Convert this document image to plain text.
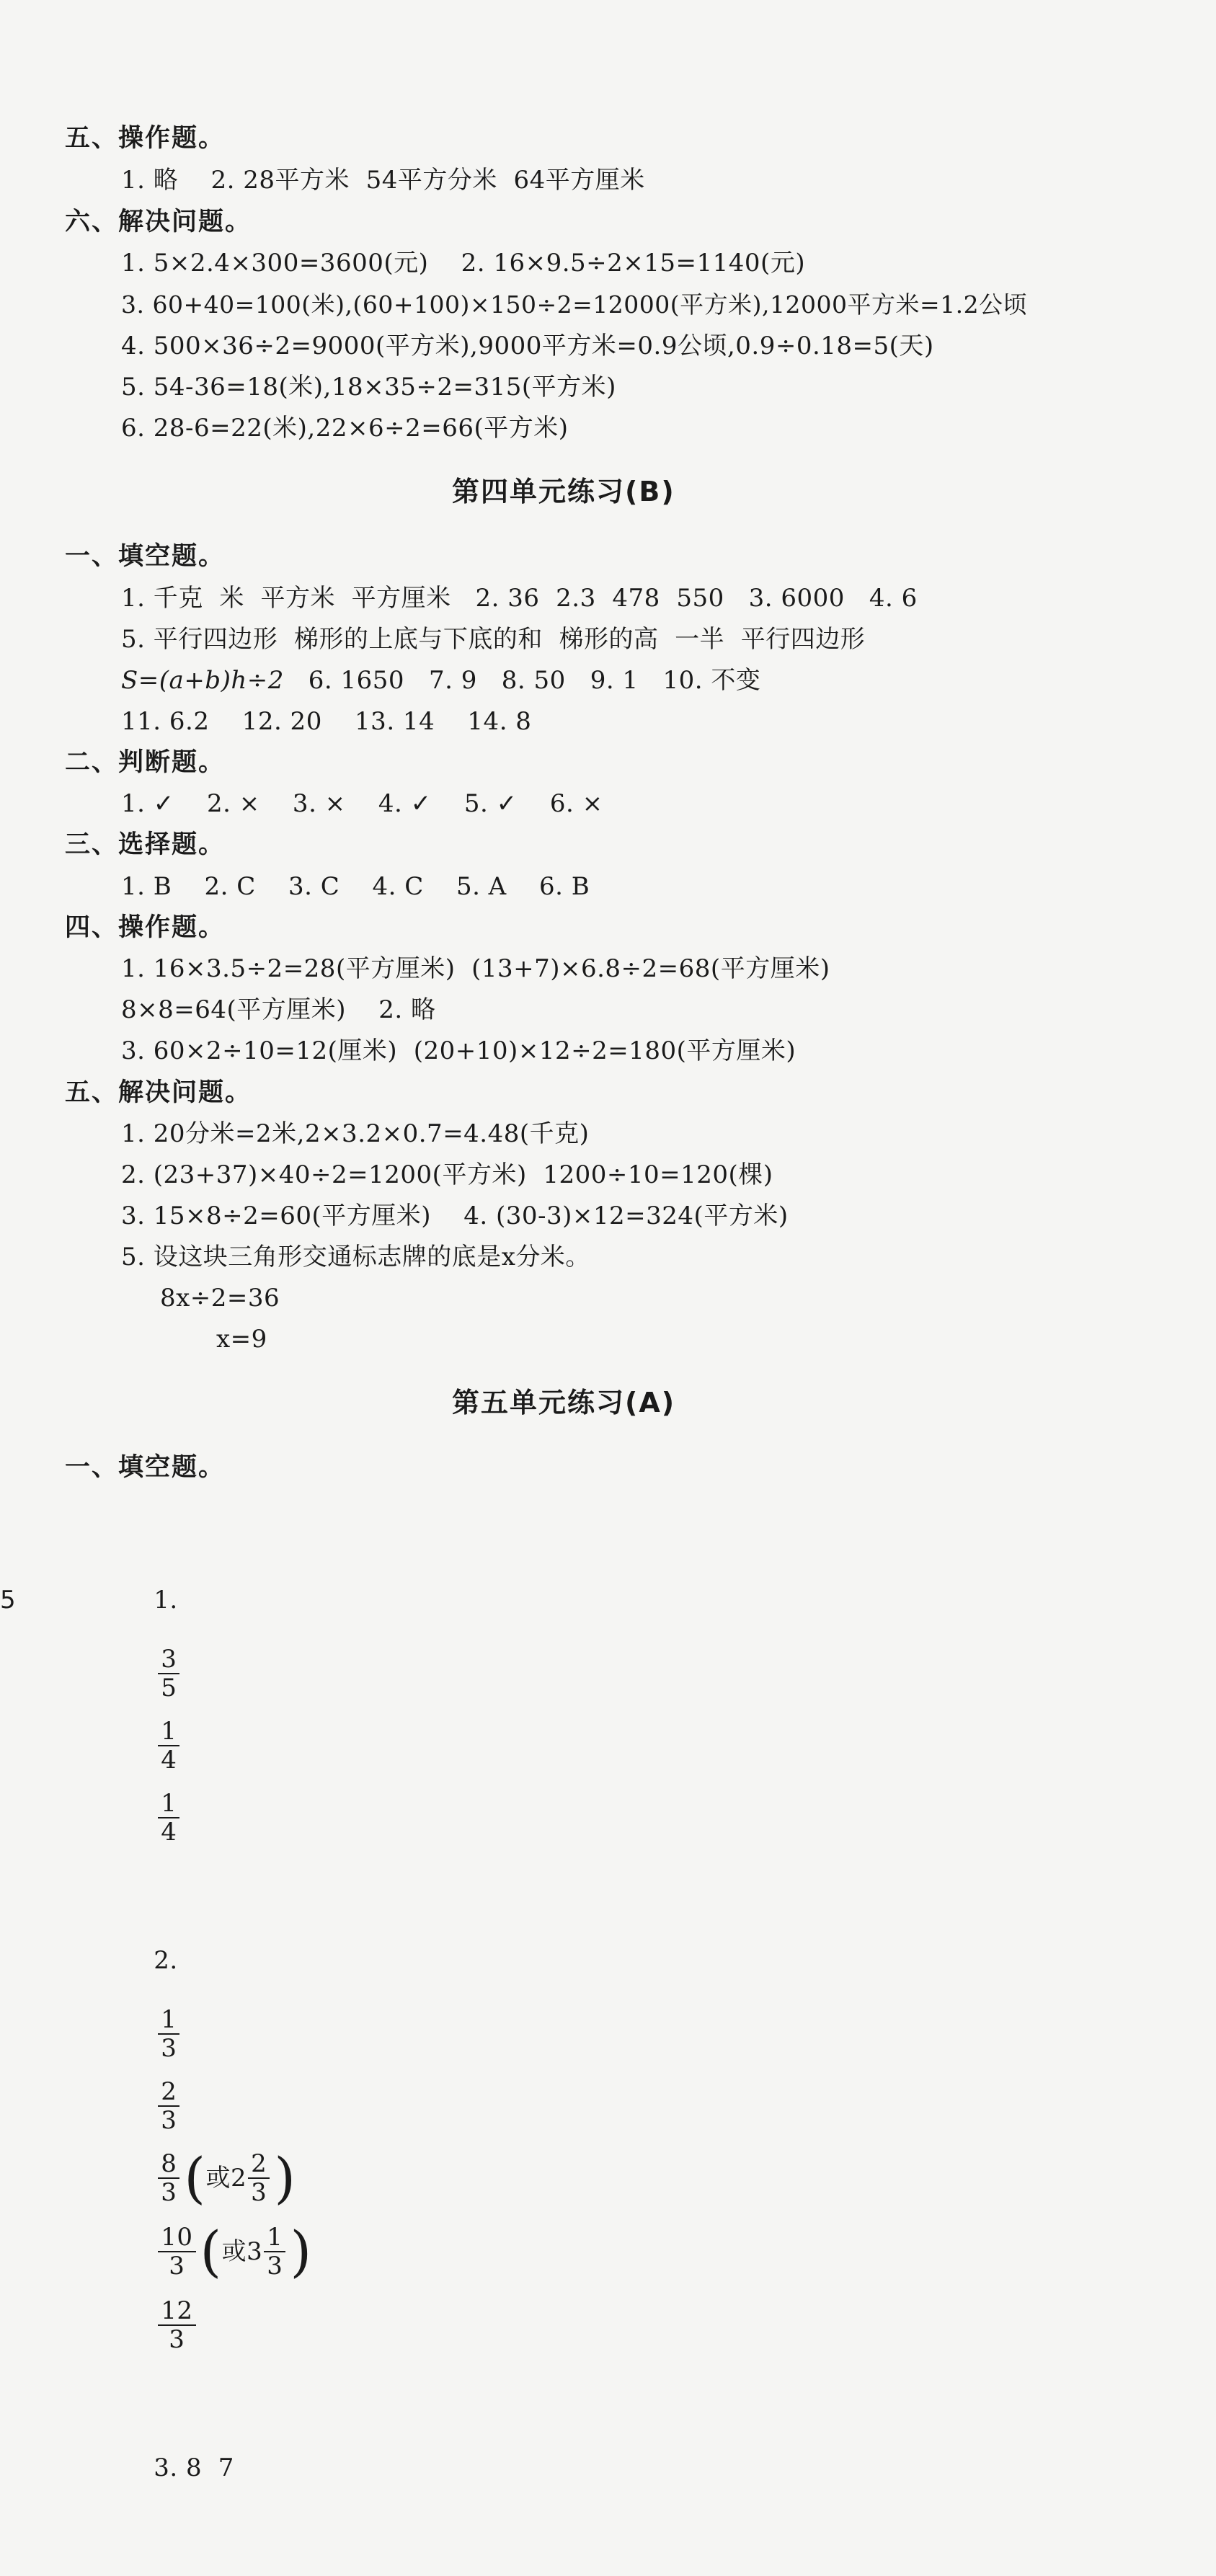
五、操作题。
1. 略    2. 28平方米  54平方分米  64平方厘米
六、解决问题。
1. 5×2.4×300=3600(元)    2. 16×9.5÷2×15=1140(元)
3. 60+40=100(米),(60+100)×150÷2=12000(平方米),12000平方米=1.2公顷
4. 500×36÷2=9000(平方米),9000平方米=0.9公顷,0.9÷0.18=5(天)
5. 54-36=18(米),18×35÷2=315(平方米)
6. 28-6=22(米),22×6÷2=66(平方米)
第四单元练习(B)
一、填空题。
1. 千克  米  平方米  平方厘米   2. 36  2.3  478  550   3. 6000   4. 6
5. 平行四边形  梯形的上底与下底的和  梯形的高  一半  平行四边形
S=(a+b)h÷2   6. 1650   7. 9   8. 50   9. 1   10. 不变
11. 6.2    12. 20    13. 14    14. 8
二、判断题。
1. ✓    2. ×    3. ×    4. ✓    5. ✓    6. ×
三、选择题。
1. B    2. C    3. C    4. C    5. A    6. B
四、操作题。
1. 16×3.5÷2=28(平方厘米)  (13+7)×6.8÷2=68(平方厘米)
8×8=64(平方厘米)    2. 略
3. 60×2÷10=12(厘米)  (20+10)×12÷2=180(平方厘米)
五、解决问题。
1. 20分米=2米,2×3.2×0.7=4.48(千克)
2. (23+37)×40÷2=1200(平方米)  1200÷10=120(棵)
3. 15×8÷2=60(平方厘米)    4. (30-3)×12=324(平方米)
5. 设这块三角形交通标志牌的底是x分米。
8x÷2=36
x=9
第五单元练习(A)
一、填空题。

1.

$\frac{3}{5}$

$\frac{1}{4}$

$\frac{1}{4}$

2.

$\frac{1}{3}$

$\frac{2}{3}$

$\frac{8}{3}$ ( 或$2 \frac{2}{3}$ )

$\frac{10}{3}$ ( 或$3 \frac{1}{3}$ )

$\frac{12}{3}$

3. 8  7

5
